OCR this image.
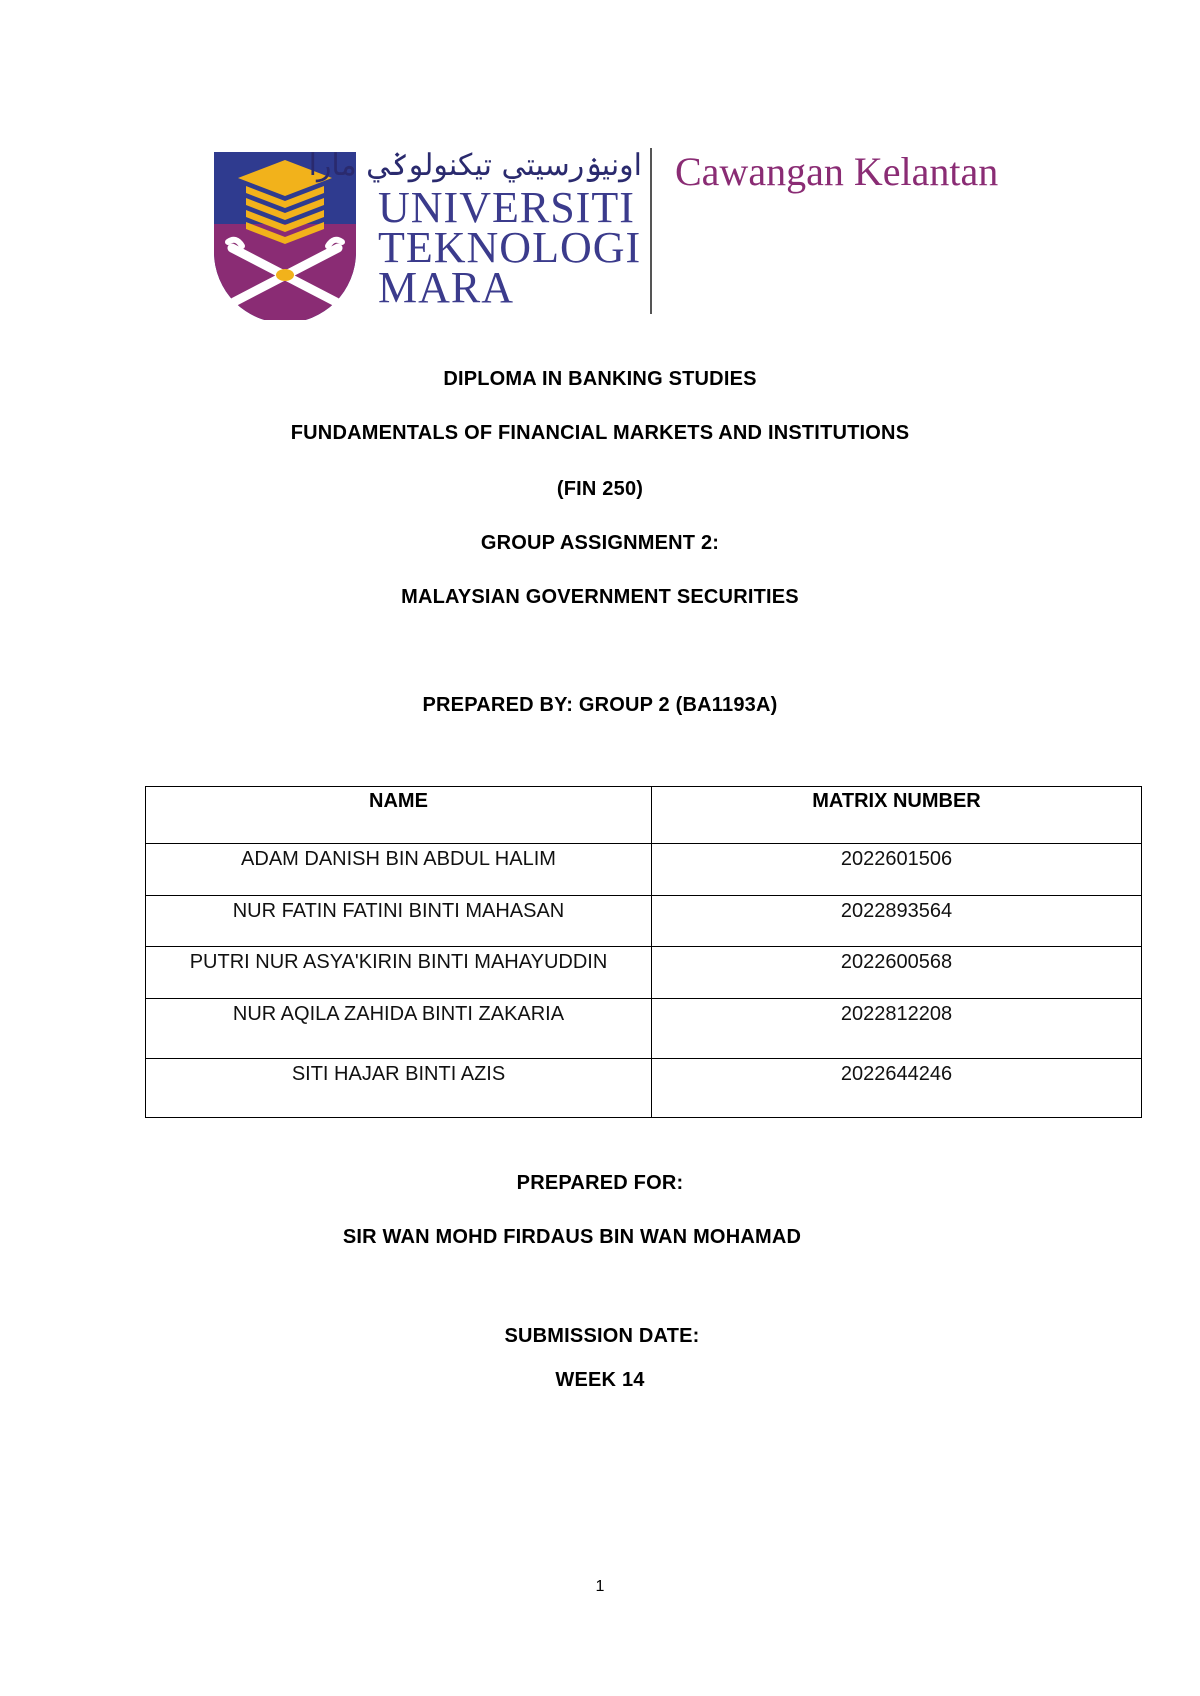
اونيۏرسيتي تيكنولوݢي مارا
UNIVERSITI
TEKNOLOGI
MARA
Cawangan Kelantan
DIPLOMA IN BANKING STUDIES
FUNDAMENTALS OF FINANCIAL MARKETS AND INSTITUTIONS
(FIN 250)
GROUP ASSIGNMENT 2:
MALAYSIAN GOVERNMENT SECURITIES
PREPARED BY: GROUP 2 (BA1193A)
NAME	MATRIX NUMBER

ADAM DANISH BIN ABDUL HALIM	2022601506

NUR FATIN FATINI BINTI MAHASAN	2022893564

PUTRI NUR ASYA'KIRIN BINTI MAHAYUDDIN	2022600568

NUR AQILA ZAHIDA BINTI ZAKARIA	2022812208

SITI HAJAR BINTI AZIS	2022644246
PREPARED FOR:
SIR WAN MOHD FIRDAUS BIN WAN MOHAMAD
SUBMISSION DATE:
WEEK 14
1
